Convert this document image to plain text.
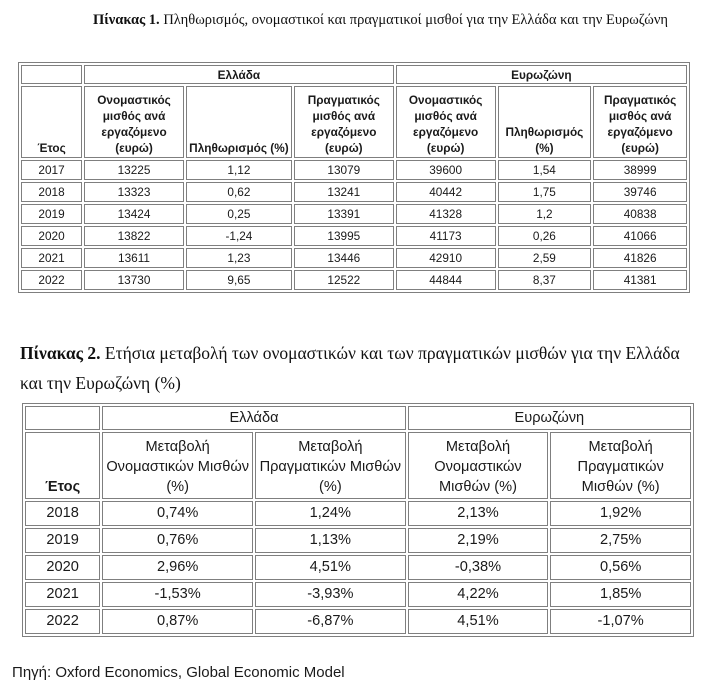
Πίνακας 1. Πληθωρισμός, ονομαστικοί και πραγματικοί μισθοί για την Ελλάδα και την Ευρωζώνη
	Ελλάδα			Ευρωζώνη		

Έτος	Ονομαστικός μισθός ανά εργαζόμενο (ευρώ)	Πληθωρισμός (%)	Πραγματικός μισθός ανά εργαζόμενο (ευρώ)	Ονομαστικός μισθός ανά εργαζόμενο (ευρώ)	Πληθωρισμός (%)	Πραγματικός μισθός ανά εργαζόμενο (ευρώ)

2017	13225	1,12	13079	39600	1,54	38999
2018	13323	0,62	13241	40442	1,75	39746
2019	13424	0,25	13391	41328	1,2	40838
2020	13822	-1,24	13995	41173	0,26	41066
2021	13611	1,23	13446	42910	2,59	41826
2022	13730	9,65	12522	44844	8,37	41381
Πίνακας 2. Ετήσια μεταβολή των ονομαστικών και των πραγματικών μισθών για την Ελλάδα και την Ευρωζώνη (%)
	Ελλάδα		Ευρωζώνη	

Έτος	Μεταβολή Ονομαστικών Μισθών (%)	Μεταβολή Πραγματικών Μισθών (%)	Μεταβολή Ονομαστικών Μισθών (%)	Μεταβολή Πραγματικών Μισθών (%)

2018	0,74%	1,24%	2,13%	1,92%
2019	0,76%	1,13%	2,19%	2,75%
2020	2,96%	4,51%	-0,38%	0,56%
2021	-1,53%	-3,93%	4,22%	1,85%
2022	0,87%	-6,87%	4,51%	-1,07%
Πηγή: Oxford Economics, Global Economic Model
